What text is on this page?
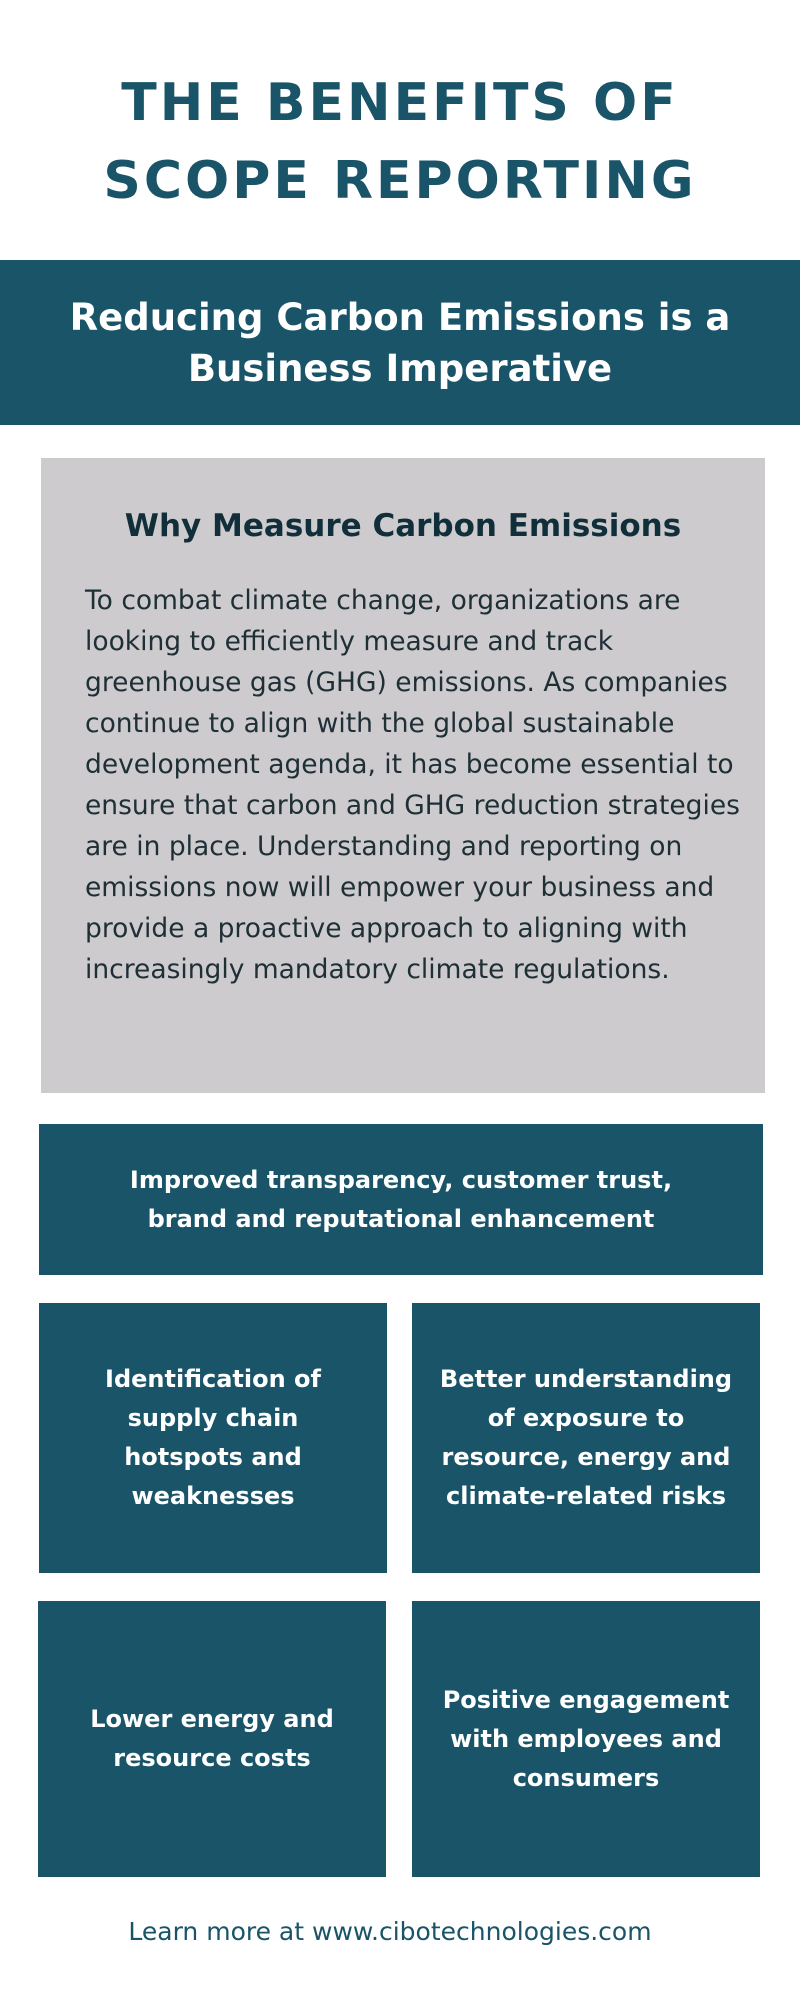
THE BENEFITS OF
SCOPE REPORTING

Reducing Carbon Emissions is a Business Imperative

Why Measure Carbon Emissions

To combat climate change, organizations are looking to efficiently measure and track greenhouse gas (GHG) emissions. As companies continue to align with the global sustainable development agenda, it has become essential to ensure that carbon and GHG reduction strategies are in place. Understanding and reporting on emissions now will empower your business and provide a proactive approach to aligning with increasingly mandatory climate regulations.

Improved transparency, customer trust, brand and reputational enhancement

Identification of supply chain hotspots and weaknesses

Better understanding of exposure to resource, energy and climate-related risks

Lower energy and resource costs

Positive engagement with employees and consumers

Learn more at www.cibotechnologies.com
